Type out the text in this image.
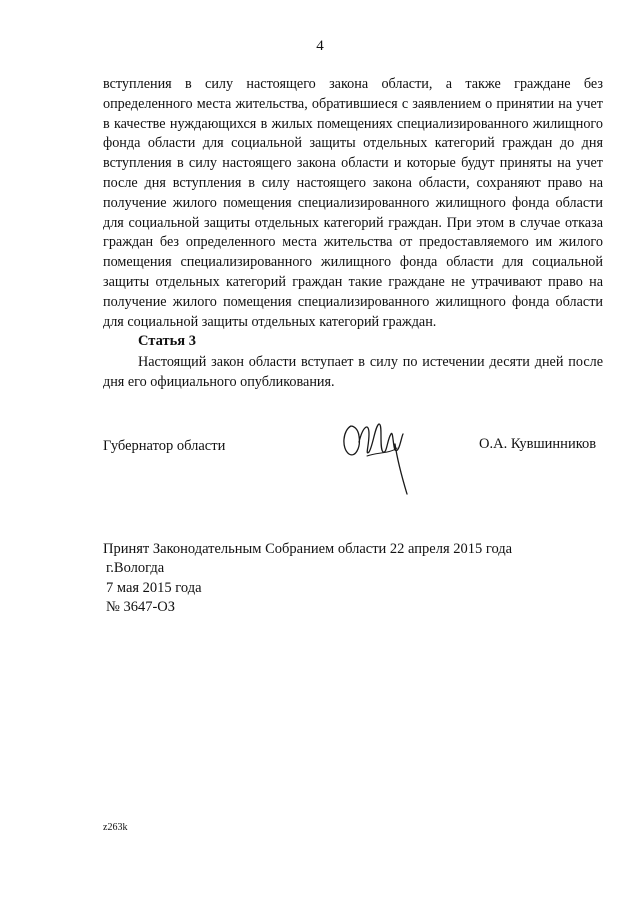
4

вступления в силу настоящего закона области, а также граждане без определенного места жительства, обратившиеся с заявлением о принятии на учет в качестве нуждающихся в жилых помещениях специализированного жилищного фонда области для социальной защиты отдельных категорий граждан до дня вступления в силу настоящего закона области и которые будут приняты на учет после дня вступления в силу настоящего закона области, сохраняют право на получение жилого помещения специализированного жилищного фонда области для социальной защиты отдельных категорий граждан. При этом в случае отказа граждан без определенного места жительства от предоставляемого им жилого помещения специализированного жилищного фонда области для социальной защиты отдельных категорий граждан такие граждане не утрачивают право на получение жилого помещения специализированного жилищного фонда области для социальной защиты отдельных категорий граждан.

Статья 3

Настоящий закон области вступает в силу по истечении десяти дней после дня его официального опубликования.

Губернатор области	О.А. Кувшинников
Принят Законодательным Собранием области 22 апреля 2015 года
г.Вологда
7 мая 2015 года
№ 3647-ОЗ
z263k
